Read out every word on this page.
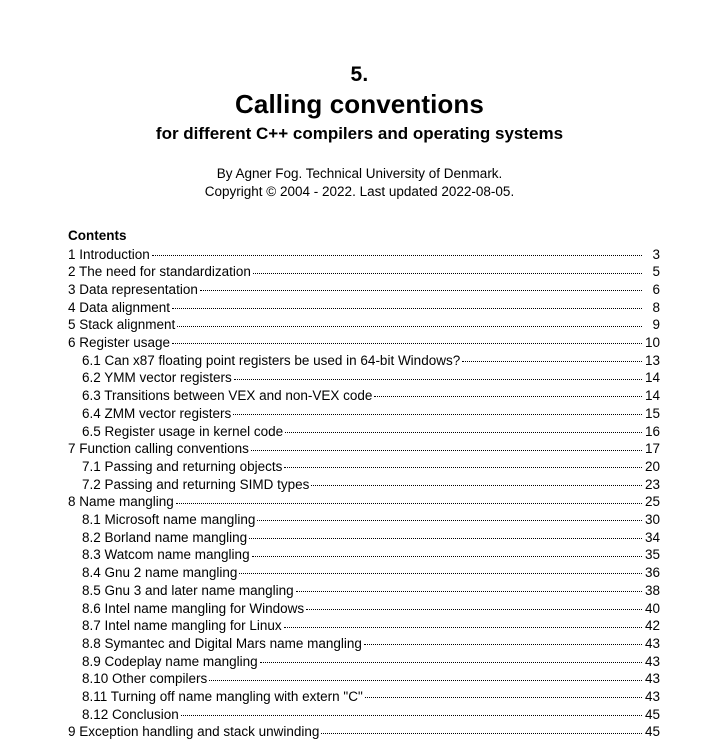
5.
Calling conventions
for different C++ compilers and operating systems
By Agner Fog. Technical University of Denmark.
Copyright © 2004 - 2022. Last updated 2022-08-05.
Contents
1 Introduction	3
2 The need for standardization	5
3 Data representation	6
4 Data alignment	8
5 Stack alignment	9
6 Register usage	10
6.1 Can x87 floating point registers be used in 64-bit Windows?	13
6.2 YMM vector registers	14
6.3 Transitions between VEX and non-VEX code	14
6.4 ZMM vector registers	15
6.5 Register usage in kernel code	16
7 Function calling conventions	17
7.1 Passing and returning objects	20
7.2 Passing and returning SIMD types	23
8 Name mangling	25
8.1 Microsoft name mangling	30
8.2 Borland name mangling	34
8.3 Watcom name mangling	35
8.4 Gnu 2 name mangling	36
8.5 Gnu 3 and later name mangling	38
8.6 Intel name mangling for Windows	40
8.7 Intel name mangling for Linux	42
8.8 Symantec and Digital Mars name mangling	43
8.9 Codeplay name mangling	43
8.10 Other compilers	43
8.11 Turning off name mangling with extern "C"	43
8.12 Conclusion	45
9 Exception handling and stack unwinding	45
